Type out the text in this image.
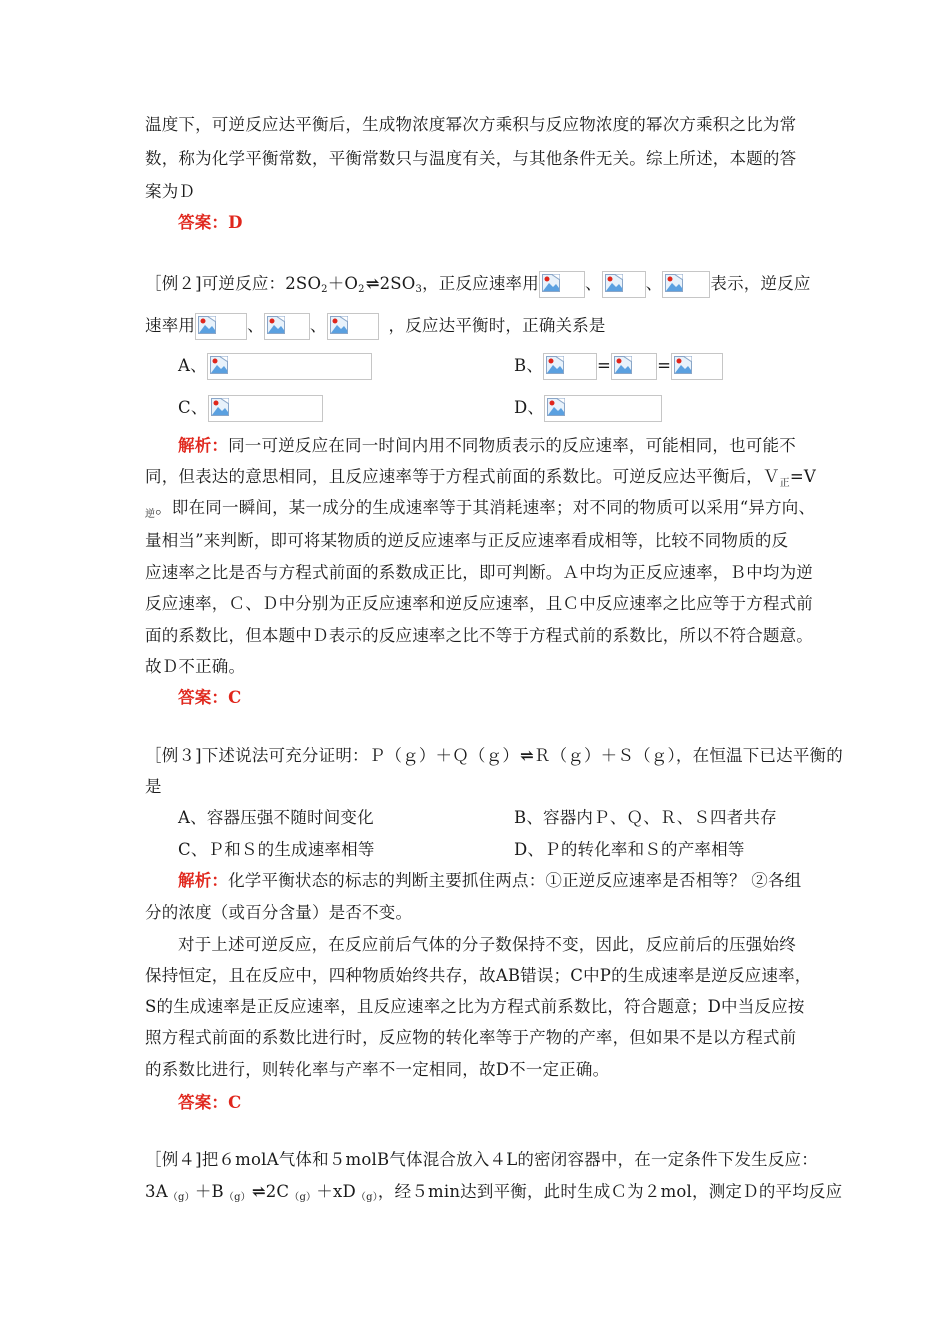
温度下，可逆反应达平衡后，生成物浓度幂次方乘积与反应物浓度的幂次方乘积之比为常
数，称为化学平衡常数，平衡常数只与温度有关，与其他条件无关。综上所述，本题的答
案为Ｄ
答案：D
［例２]可逆反应：$2SO_2+O_2\rightleftharpoons 2SO_3$，正反应速率用	、	、	表示，逆反应
速率用	、	、	，反应达平衡时，正确关系是
A、	B、	=	=
C、	D、
解析：同一可逆反应在同一时间内用不同物质表示的反应速率，可能相同，也可能不
同，但表达的意思相同，且反应速率等于方程式前面的系数比。可逆反应达平衡后，Ｖ$_正$=V
$_逆$。即在同一瞬间，某一成分的生成速率等于其消耗速率；对不同的物质可以采用“异方向、
量相当”来判断，即可将某物质的逆反应速率与正反应速率看成相等，比较不同物质的反
应速率之比是否与方程式前面的系数成正比，即可判断。Ａ中均为正反应速率，Ｂ中均为逆
反应速率，Ｃ、Ｄ中分别为正反应速率和逆反应速率，且Ｃ中反应速率之比应等于方程式前
面的系数比，但本题中Ｄ表示的反应速率之比不等于方程式前的系数比，所以不符合题意。
故Ｄ不正确。
答案：C
［例３]下述说法可充分证明：Ｐ（ｇ）＋Ｑ（ｇ）⇌Ｒ（ｇ）＋Ｓ（ｇ），在恒温下已达平衡的
是
A、容器压强不随时间变化	B、容器内Ｐ、Ｑ、Ｒ、Ｓ四者共存
C、Ｐ和Ｓ的生成速率相等	D、Ｐ的转化率和Ｓ的产率相等
解析：化学平衡状态的标志的判断主要抓住两点：①正逆反应速率是否相等？ ②各组
分的浓度（或百分含量）是否不变。
对于上述可逆反应，在反应前后气体的分子数保持不变，因此，反应前后的压强始终
保持恒定，且在反应中，四种物质始终共存，故AB错误；C中P的生成速率是逆反应速率，
S的生成速率是正反应速率，且反应速率之比为方程式前系数比，符合题意；D中当反应按
照方程式前面的系数比进行时，反应物的转化率等于产物的产率，但如果不是以方程式前
的系数比进行，则转化率与产率不一定相同，故D不一定正确。
答案：C
［例４]把６molA气体和５molB气体混合放入４L的密闭容器中，在一定条件下发生反应：
$3A_{(g)}+B_{(g)}\rightleftharpoons 2C_{(g)}+xD_{(g)}$，经５min达到平衡，此时生成Ｃ为２mol，测定Ｄ的平均反应
